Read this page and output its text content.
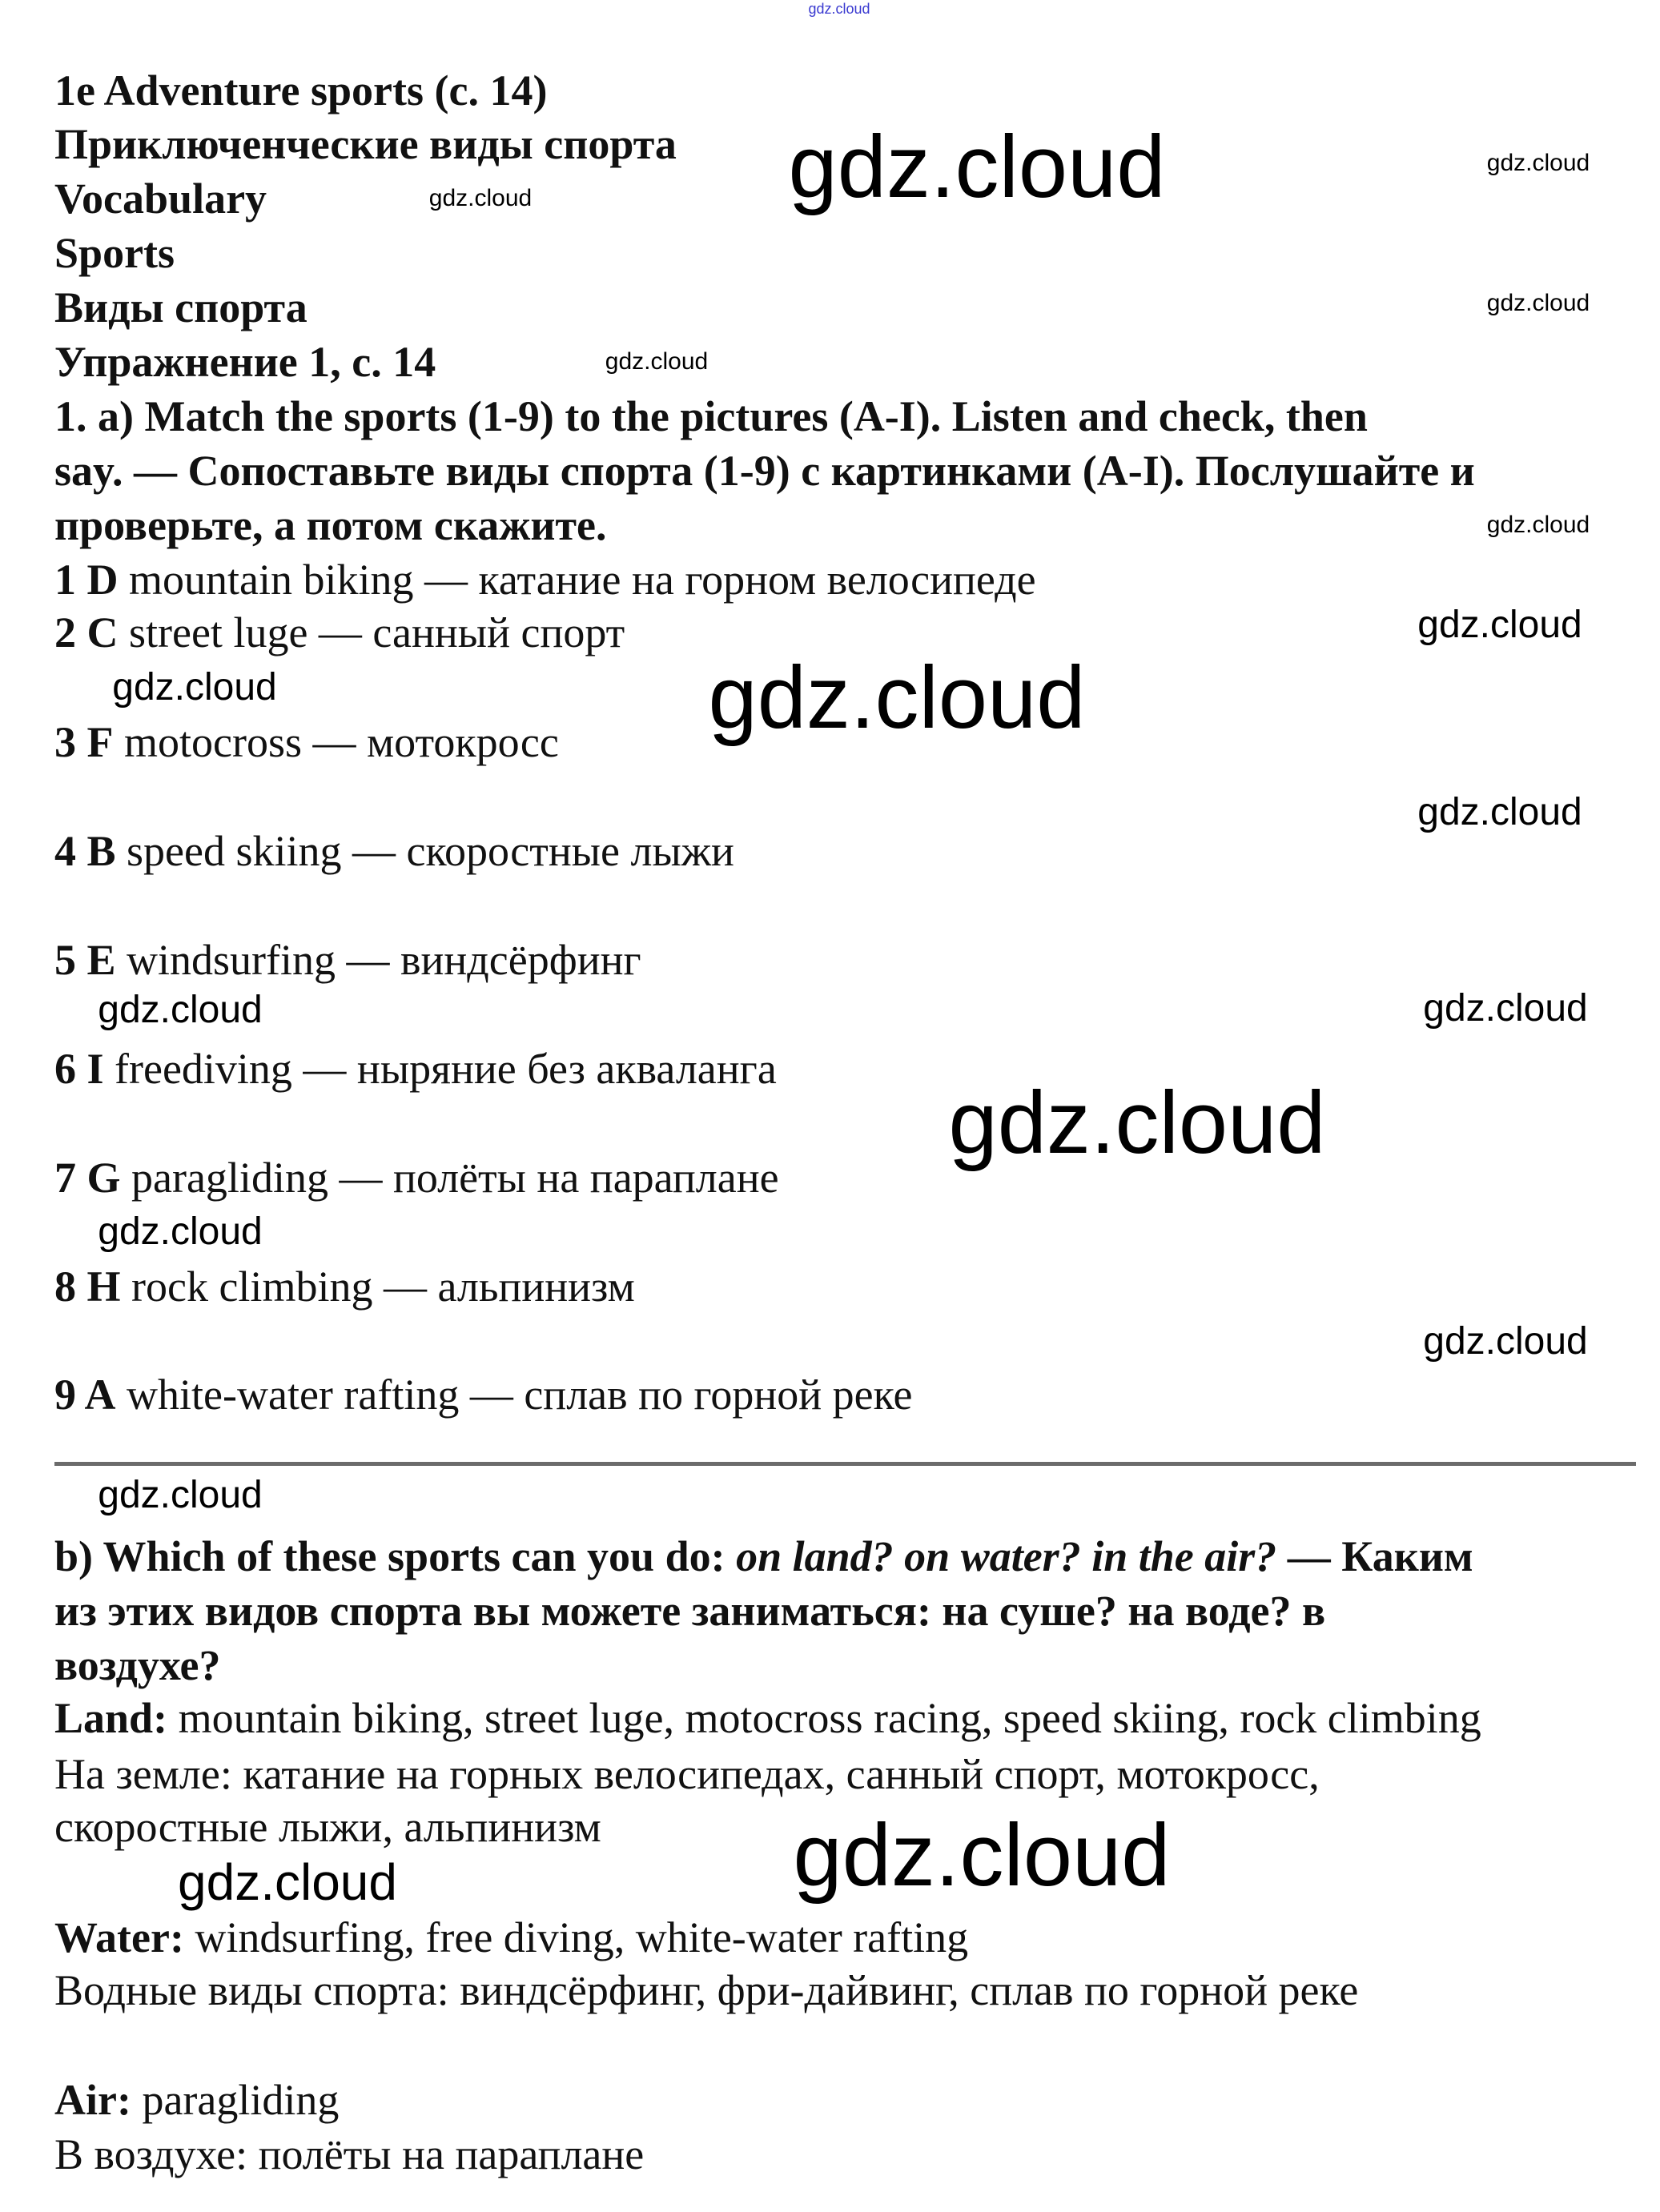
1e Adventure sports (с. 14)
Приключенческие виды спорта
Vocabulary
Sports
Виды спорта
Упражнение 1, с. 14
1. a) Match the sports (1-9) to the pictures (A-I). Listen and check, then
say. — Сопоставьте виды спорта (1-9) с картинками (A-I). Послушайте и
проверьте, а потом скажите.
1 D mountain biking — катание на горном велосипеде
2 C street luge — санный спорт
3 F motocross — мотокросс
4 B speed skiing — скоростные лыжи
5 E windsurfing — виндсёрфинг
6 I freediving — ныряние без акваланга
7 G paragliding — полёты на параплане
8 H rock climbing — альпинизм
9 A white-water rafting — сплав по горной реке
b) Which of these sports can you do: on land? on water? in the air? — Каким
из этих видов спорта вы можете заниматься: на суше? на воде? в
воздухе?
Land: mountain biking, street luge, motocross racing, speed skiing, rock climbing
На земле: катание на горных велосипедах, санный спорт, мотокросс,
скоростные лыжи, альпинизм
Water: windsurfing, free diving, white-water rafting
Водные виды спорта: виндсёрфинг, фри-дайвинг, сплав по горной реке
Air: paragliding
В воздухе: полёты на параплане
gdz.cloud
gdz.cloud	gdz.cloud
gdz.cloud
gdz.cloud
gdz.cloud
gdz.cloud
gdz.cloud
gdz.cloud
gdz.cloud
gdz.cloud
gdz.cloud
gdz.cloud
gdz.cloud
gdz.cloud
gdz.cloud
gdz.cloud
gdz.cloud
gdz.cloud
